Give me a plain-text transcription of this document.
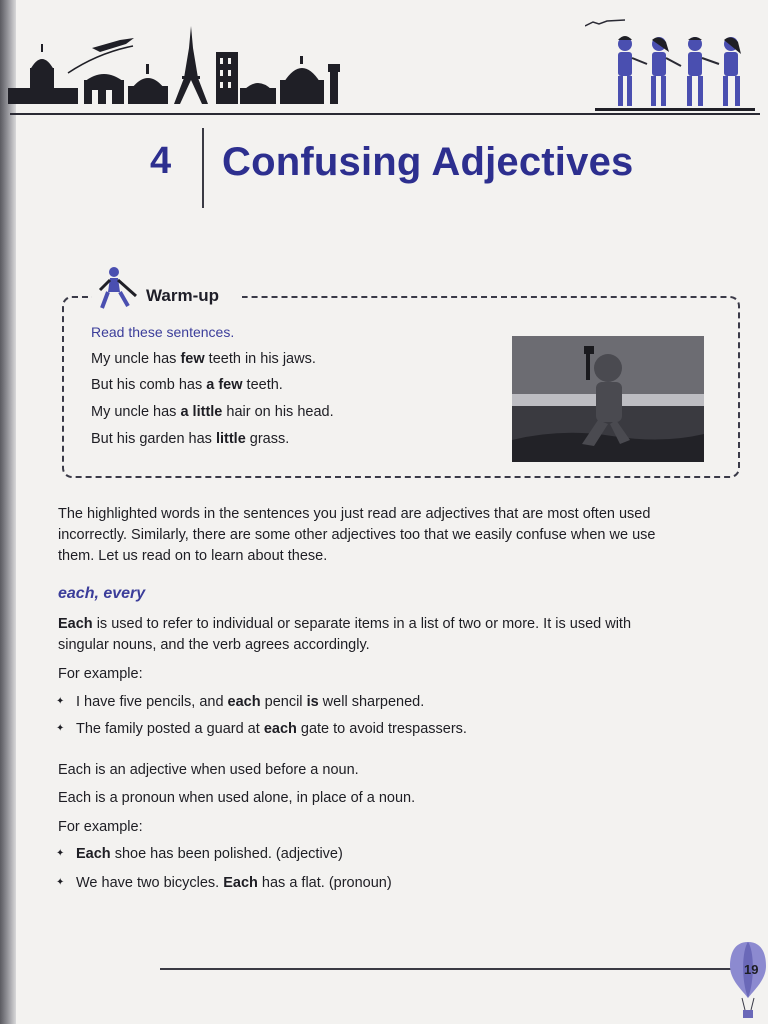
4 Confusing Adjectives
Warm-up
Read these sentences.
My uncle has few teeth in his jaws.
But his comb has a few teeth.
My uncle has a little hair on his head.
But his garden has little grass.
The highlighted words in the sentences you just read are adjectives that are most often used
incorrectly. Similarly, there are some other adjectives too that we easily confuse when we use
them. Let us read on to learn about these.
each, every
Each is used to refer to individual or separate items in a list of two or more. It is used with
singular nouns, and the verb agrees accordingly.
For example:
✦ I have five pencils, and each pencil is well sharpened.
✦ The family posted a guard at each gate to avoid trespassers.
Each is an adjective when used before a noun.
Each is a pronoun when used alone, in place of a noun.
For example:
✦ Each shoe has been polished. (adjective)
✦ We have two bicycles. Each has a flat. (pronoun)
19
